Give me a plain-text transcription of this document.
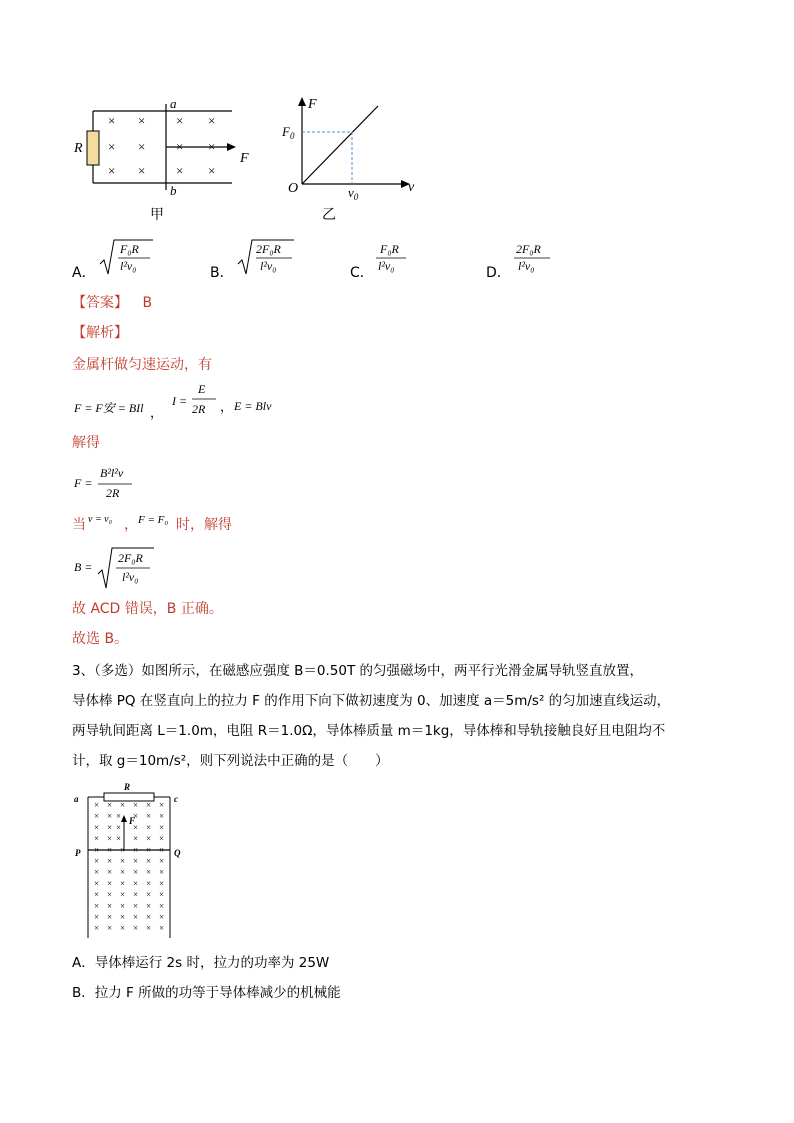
R
a
b
F
× × × ×
× × × ×
× × × ×
甲
F
v
O
$F_0$
$v_0$
乙
A．
F₀R
l²v₀	B．
2F₀R
l²v₀	C．
F₀R
l²v₀	D．
2F₀R
l²v₀
【答案】 B
【解析】
金属杆做匀速运动，有
F = F安 = BIl ，
I =
E
2R ， E = Blv
解得
F =
B²l²v
2R
当 v = v₀ ， F = F₀ 时，解得
B =
2F₀R
l²v₀
故 ACD 错误，B 正确。
故选 B。
3、（多选）如图所示，在磁感应强度 B＝0.50T 的匀强磁场中，两平行光滑金属导轨竖直放置，
导体棒 PQ 在竖直向上的拉力 F 的作用下向下做初速度为 0、加速度 a＝5m/s² 的匀加速直线运动，
两导轨间距离 L＝1.0m，电阻 R＝1.0Ω，导体棒质量 m＝1kg，导体棒和导轨接触良好且电阻均不
计，取 g＝10m/s²，则下列说法中正确的是（　　）
R
a	c
P	Q
F
× × × × × ×
× × × × × ×
× × × × × ×
× × × × × ×
× × × × × ×
× × × × × ×
× × × × × ×
× × × × × ×
× × × × × ×
× × × × × ×
× × × × × ×
× × × × × ×
A．导体棒运行 2s 时，拉力的功率为 25W
B．拉力 F 所做的功等于导体棒减少的机械能
